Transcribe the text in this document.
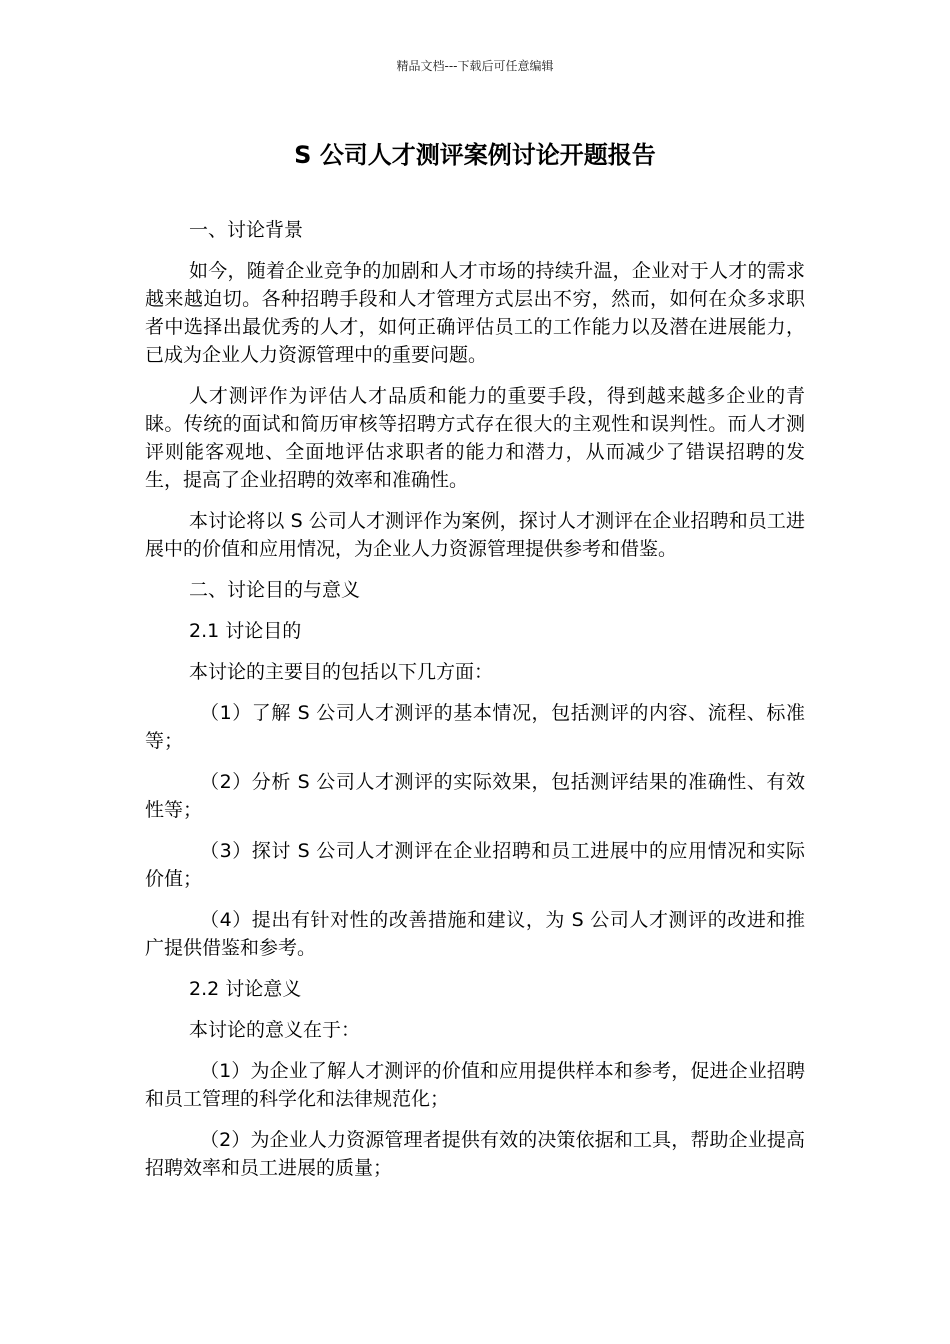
精品文档---下载后可任意编辑
S 公司人才测评案例讨论开题报告

一、讨论背景

如今，随着企业竞争的加剧和人才市场的持续升温，企业对于人才的需求越来越迫切。各种招聘手段和人才管理方式层出不穷，然而，如何在众多求职者中选择出最优秀的人才，如何正确评估员工的工作能力以及潜在进展能力，已成为企业人力资源管理中的重要问题。

人才测评作为评估人才品质和能力的重要手段，得到越来越多企业的青睐。传统的面试和简历审核等招聘方式存在很大的主观性和误判性。而人才测评则能客观地、全面地评估求职者的能力和潜力，从而减少了错误招聘的发生，提高了企业招聘的效率和准确性。

本讨论将以 S 公司人才测评作为案例，探讨人才测评在企业招聘和员工进展中的价值和应用情况，为企业人力资源管理提供参考和借鉴。

二、讨论目的与意义

2.1 讨论目的

本讨论的主要目的包括以下几方面：

（1）了解 S 公司人才测评的基本情况，包括测评的内容、流程、标准等；

（2）分析 S 公司人才测评的实际效果，包括测评结果的准确性、有效性等；

（3）探讨 S 公司人才测评在企业招聘和员工进展中的应用情况和实际价值；

（4）提出有针对性的改善措施和建议，为 S 公司人才测评的改进和推广提供借鉴和参考。

2.2 讨论意义

本讨论的意义在于：

（1）为企业了解人才测评的价值和应用提供样本和参考，促进企业招聘和员工管理的科学化和法律规范化；

（2）为企业人力资源管理者提供有效的决策依据和工具，帮助企业提高招聘效率和员工进展的质量；
